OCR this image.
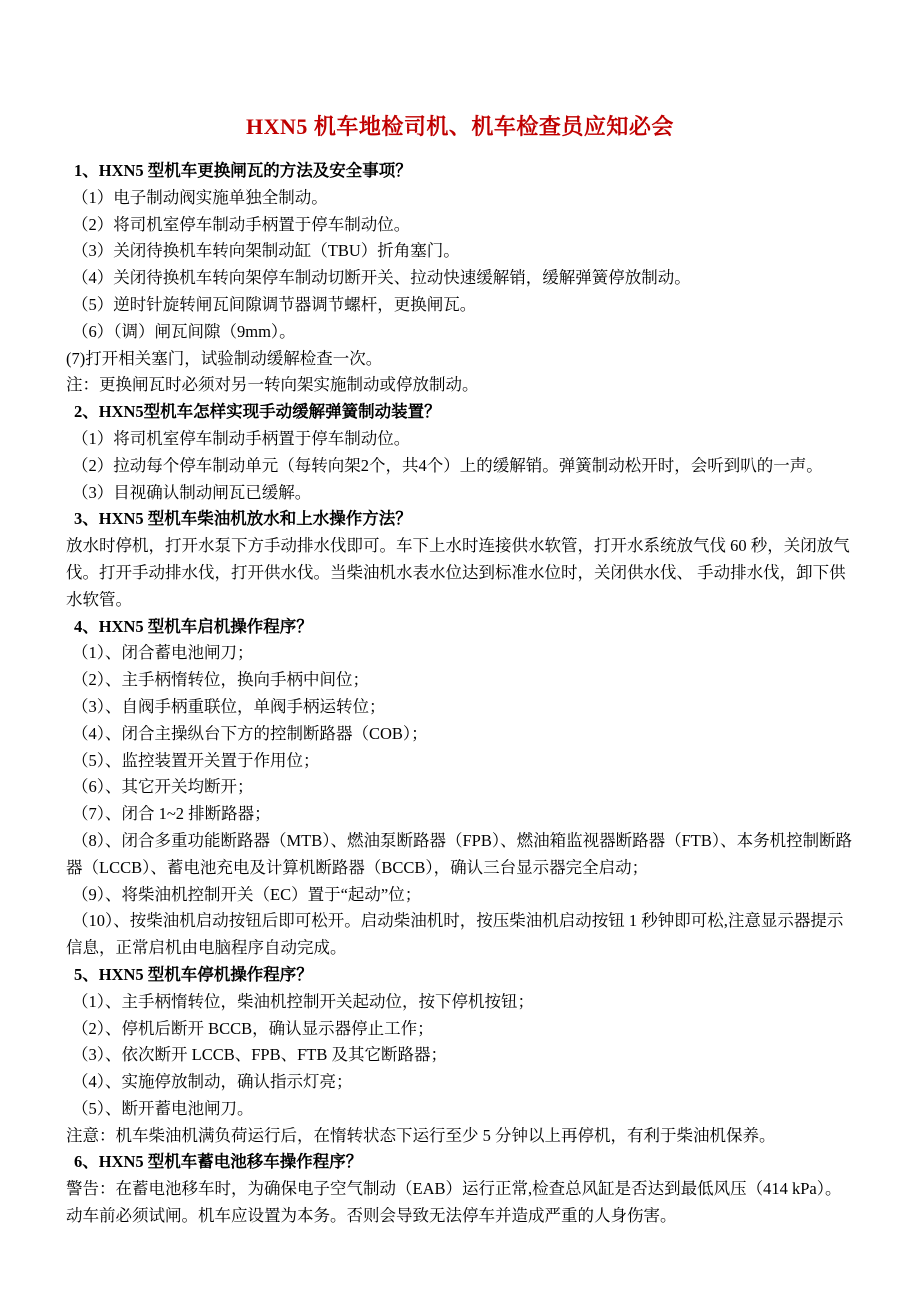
HXN5 机车地检司机、机车检查员应知必会

1、HXN5 型机车更换闸瓦的方法及安全事项？

（1）电子制动阀实施单独全制动。

（2）将司机室停车制动手柄置于停车制动位。

（3）关闭待换机车转向架制动缸（TBU）折角塞门。

（4）关闭待换机车转向架停车制动切断开关、拉动快速缓解销，缓解弹簧停放制动。

（5）逆时针旋转闸瓦间隙调节器调节螺杆，更换闸瓦。

（6）（调）闸瓦间隙（9mm）。

(7)打开相关塞门，试验制动缓解检查一次。

注：更换闸瓦时必须对另一转向架实施制动或停放制动。

2、HXN5型机车怎样实现手动缓解弹簧制动装置？

（1）将司机室停车制动手柄置于停车制动位。

（2）拉动每个停车制动单元（每转向架2个，共4个）上的缓解销。弹簧制动松开时，会听到叭的一声。

（3）目视确认制动闸瓦已缓解。

3、HXN5 型机车柴油机放水和上水操作方法？

放水时停机，打开水泵下方手动排水伐即可。车下上水时连接供水软管，打开水系统放气伐 60 秒，关闭放气伐。打开手动排水伐，打开供水伐。当柴油机水表水位达到标准水位时，关闭供水伐、 手动排水伐，卸下供水软管。

4、HXN5 型机车启机操作程序？

（1）、闭合蓄电池闸刀；

（2）、主手柄惰转位，换向手柄中间位；

（3）、自阀手柄重联位，单阀手柄运转位；

（4）、闭合主操纵台下方的控制断路器（COB）；

（5）、监控装置开关置于作用位；

（6）、其它开关均断开；

（7）、闭合 1~2 排断路器；

（8）、闭合多重功能断路器（MTB）、燃油泵断路器（FPB）、燃油箱监视器断路器（FTB）、本务机控制断路器（LCCB）、蓄电池充电及计算机断路器（BCCB），确认三台显示器完全启动；

（9）、将柴油机控制开关（EC）置于“起动”位；

（10）、按柴油机启动按钮后即可松开。启动柴油机时，按压柴油机启动按钮 1 秒钟即可松,注意显示器提示信息，正常启机由电脑程序自动完成。

5、HXN5 型机车停机操作程序？

（1）、主手柄惰转位，柴油机控制开关起动位，按下停机按钮；

（2）、停机后断开 BCCB，确认显示器停止工作；

（3）、依次断开 LCCB、FPB、FTB 及其它断路器；

（4）、实施停放制动，确认指示灯亮；

（5）、断开蓄电池闸刀。

注意：机车柴油机满负荷运行后，在惰转状态下运行至少 5 分钟以上再停机，有利于柴油机保养。

6、HXN5 型机车蓄电池移车操作程序？

警告：在蓄电池移车时，为确保电子空气制动（EAB）运行正常,检查总风缸是否达到最低风压（414 kPa）。动车前必须试闸。机车应设置为本务。否则会导致无法停车并造成严重的人身伤害。
